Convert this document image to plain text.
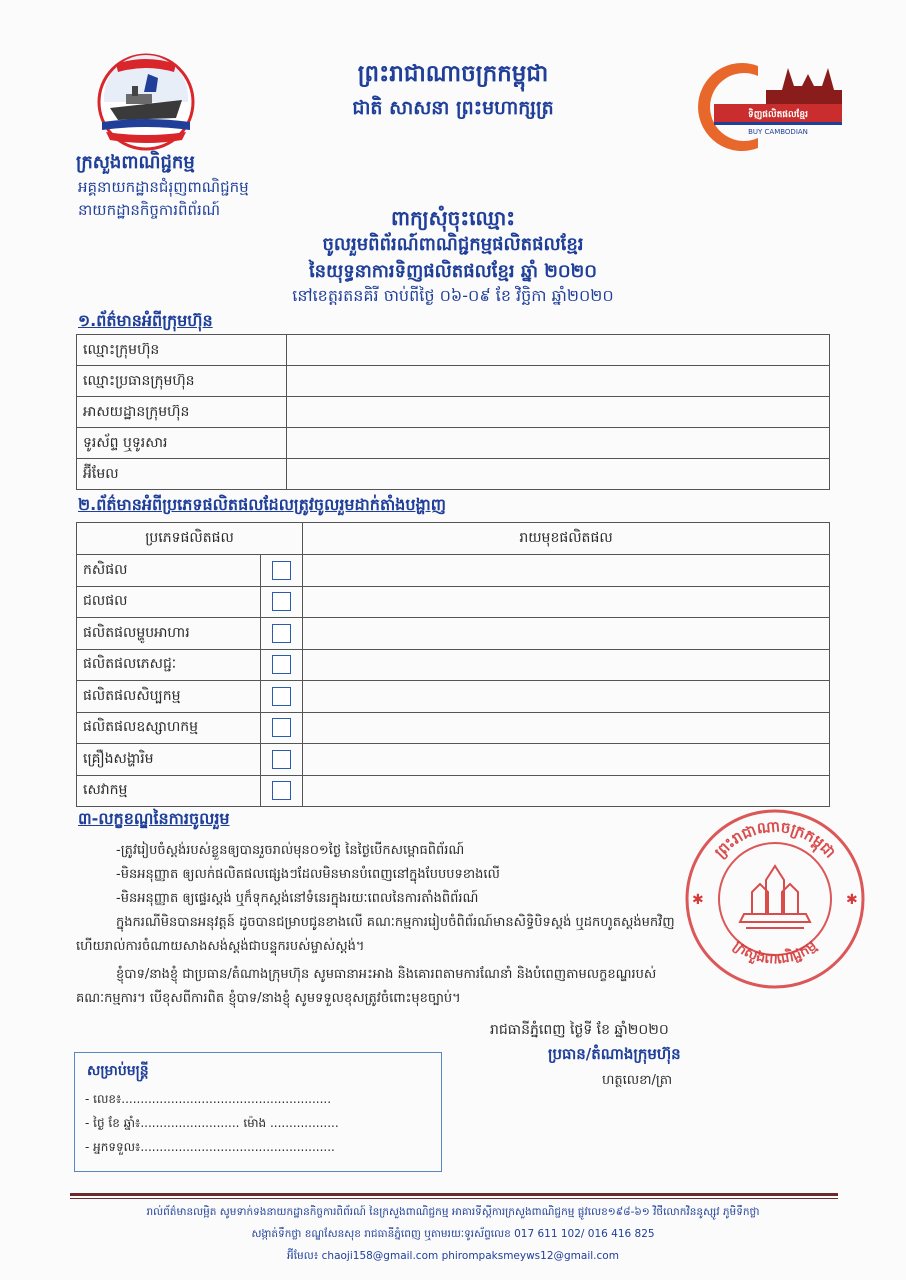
ព្រះរាជាណាចក្រកម្ពុជា
ជាតិ សាសនា ព្រះមហាក្សត្រ	ទិញផលិតផលខ្មែរ
BUY CAMBODIAN
ក្រសួងពាណិជ្ជកម្ម
អគ្គនាយកដ្ឋានជំរុញពាណិជ្ជកម្ម
នាយកដ្ឋានកិច្ចការពិព័រណ៍	ពាក្យសុំចុះឈ្មោះ
ចូលរួមពិព័រណ៍ពាណិជ្ជកម្មផលិតផលខ្មែរ
នៃយុទ្ធនាការទិញផលិតផលខ្មែរ ឆ្នាំ ២០២០
នៅខេត្តរតនគិរី ចាប់ពីថ្ងៃ ០៦-០៩ ខែ វិច្ឆិកា ឆ្នាំ២០២០
១.ព័ត៌មានអំពីក្រុមហ៊ុន
ឈ្មោះក្រុមហ៊ុន	
ឈ្មោះប្រធានក្រុមហ៊ុន	
អាសយដ្ឋានក្រុមហ៊ុន	
ទូរស័ព្ទ ឬទូរសារ	
អ៊ីមែល	
២.ព័ត៌មានអំពីប្រភេទផលិតផលដែលត្រូវចូលរួមដាក់តាំងបង្ហាញ
ប្រភេទផលិតផល		រាយមុខផលិតផល
កសិផល		
ជលផល		
ផលិតផលម្ហូបអាហារ		
ផលិតផលភេសជ្ជៈ		
ផលិតផលសិប្បកម្ម		
ផលិតផលឧស្សាហកម្ម		
គ្រឿងសង្ហារិម		
សេវាកម្ម		
៣-លក្ខខណ្ឌនៃការចូលរួម
-ត្រូវរៀបចំស្តង់របស់ខ្លួនឲ្យបានរួចរាល់មុន០១ថ្ងៃ នៃថ្ងៃបើកសម្ពោធពិព័រណ៍
-មិនអនុញ្ញាត ឲ្យលក់ផលិតផលផ្សេងៗដែលមិនមានបំពេញនៅក្នុងបែបបទខាងលើ
-មិនអនុញ្ញាត ឲ្យផ្ទេរស្តង់ ឬក៏ទុកស្តង់នៅទំនេរក្នុងរយៈពេលនៃការតាំងពិព័រណ៍
ក្នុងករណីមិនបានអនុវត្តន៍ ដូចបានជម្រាបជូនខាងលើ គណៈកម្មការរៀបចំពិព័រណ៍មានសិទ្ធិបិទស្តង់ ឬដកហូតស្តង់មកវិញ
ហើយរាល់ការចំណាយសាងសង់ស្តង់ជាបន្ទុករបស់ម្ចាស់ស្តង់។
ខ្ញុំបាទ/នាងខ្ញុំ ជាប្រធាន/តំណាងក្រុមហ៊ុន សូមធានាអះអាង និងគោរពតាមការណែនាំ និងបំពេញតាមលក្ខខណ្ឌរបស់
គណៈកម្មការ។ បើខុសពីការពិត ខ្ញុំបាទ/នាងខ្ញុំ សូមទទួលខុសត្រូវចំពោះមុខច្បាប់។
ព្រះរាជាណាចក្រកម្ពុជា
ក្រសួងពាណិជ្ជកម្ម
✱	✱
រាជធានីភ្នំពេញ ថ្ងៃទី ខែ ឆ្នាំ២០២០
ប្រធាន/តំណាងក្រុមហ៊ុន
ហត្ថលេខា/ត្រា
សម្រាប់មន្ត្រី
- លេខ៖.......................................................
- ថ្ងៃ ខែ ឆ្នាំ៖.......................... ម៉ោង ..................
- អ្នកទទួល៖...................................................
រាល់ព័ត៌មានលម្អិត សូមទាក់ទងនាយកដ្ឋានកិច្ចការពិព័រណ៍ នៃក្រសួងពាណិជ្ជកម្ម អាគារទីស្តីការក្រសួងពាណិជ្ជកម្ម ផ្លូវលេខ១៩៨-៦១ វិថីលោកវិននូស្សូវ ភូមិទឹកថ្លា
សង្កាត់ទឹកថ្លា ខណ្ឌសែនសុខ រាជធានីភ្នំពេញ ឬតាមរយៈទូរស័ព្ទលេខ 017 611 102/ 016 416 825
អ៊ីមែល៖ chaoji158@gmail.com phirompaksmeyws12@gmail.com
